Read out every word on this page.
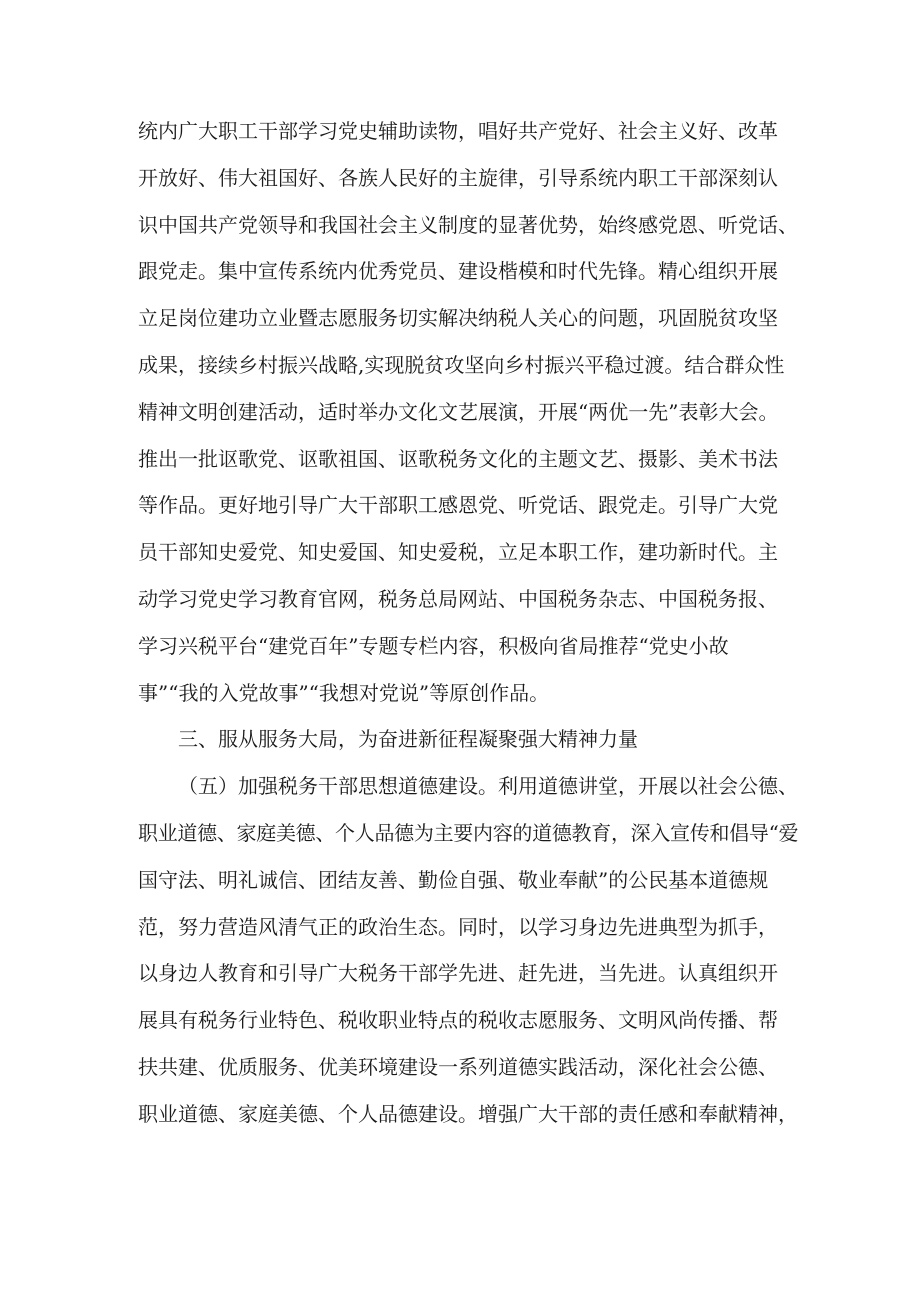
统内广大职工干部学习党史辅助读物，唱好共产党好、社会主义好、改革
开放好、伟大祖国好、各族人民好的主旋律，引导系统内职工干部深刻认
识中国共产党领导和我国社会主义制度的显著优势，始终感党恩、听党话、
跟党走。集中宣传系统内优秀党员、建设楷模和时代先锋。精心组织开展
立足岗位建功立业暨志愿服务切实解决纳税人关心的问题，巩固脱贫攻坚
成果，接续乡村振兴战略,实现脱贫攻坚向乡村振兴平稳过渡。结合群众性
精神文明创建活动，适时举办文化文艺展演，开展“两优一先”表彰大会。
推出一批讴歌党、讴歌祖国、讴歌税务文化的主题文艺、摄影、美术书法
等作品。更好地引导广大干部职工感恩党、听党话、跟党走。引导广大党
员干部知史爱党、知史爱国、知史爱税，立足本职工作，建功新时代。主
动学习党史学习教育官网，税务总局网站、中国税务杂志、中国税务报、
学习兴税平台“建党百年”专题专栏内容，积极向省局推荐“党史小故
事”“我的入党故事”“我想对党说”等原创作品。
三、服从服务大局，为奋进新征程凝聚强大精神力量
（五）加强税务干部思想道德建设。利用道德讲堂，开展以社会公德、
职业道德、家庭美德、个人品德为主要内容的道德教育，深入宣传和倡导“爱
国守法、明礼诚信、团结友善、勤俭自强、敬业奉献”的公民基本道德规
范，努力营造风清气正的政治生态。同时，以学习身边先进典型为抓手，
以身边人教育和引导广大税务干部学先进、赶先进，当先进。认真组织开
展具有税务行业特色、税收职业特点的税收志愿服务、文明风尚传播、帮
扶共建、优质服务、优美环境建设一系列道德实践活动，深化社会公德、
职业道德、家庭美德、个人品德建设。增强广大干部的责任感和奉献精神，
